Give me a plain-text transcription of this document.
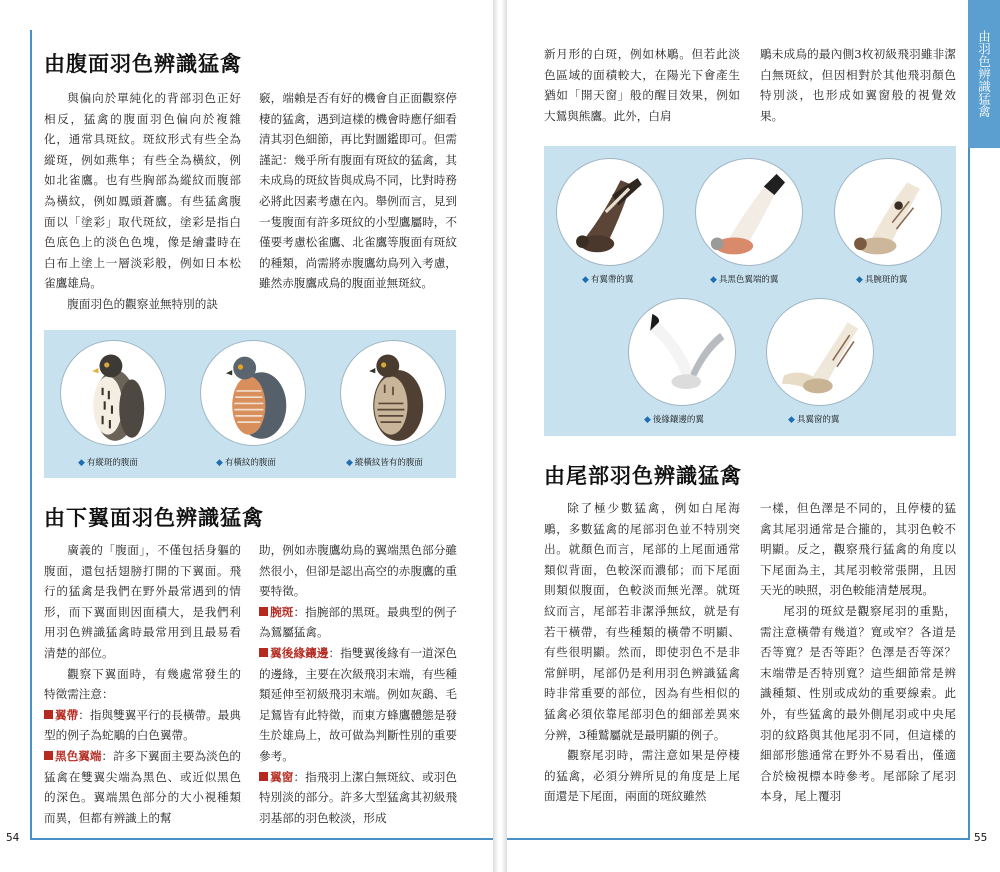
由腹面羽色辨識猛禽

與偏向於單純化的背部羽色正好相反，猛禽的腹面羽色偏向於複雜化，通常具斑紋。斑紋形式有些全為縱斑，例如燕隼；有些全為橫紋，例如北雀鷹。也有些胸部為縱紋而腹部為橫紋，例如鳳頭蒼鷹。有些猛禽腹面以「塗彩」取代斑紋，塗彩是指白色底色上的淡色色塊，像是繪畫時在白布上塗上一層淡彩般，例如日本松雀鷹雄鳥。

腹面羽色的觀察並無特別的訣

竅，端賴是否有好的機會自正面觀察停棲的猛禽，遇到這樣的機會時應仔細看清其羽色細節，再比對圖鑑即可。但需謹記：幾乎所有腹面有斑紋的猛禽，其未成鳥的斑紋皆與成鳥不同，比對時務必將此因素考慮在內。舉例而言，見到一隻腹面有許多斑紋的小型鷹屬時，不僅要考慮松雀鷹、北雀鷹等腹面有斑紋的種類，尚需將赤腹鷹幼鳥列入考慮，雖然赤腹鷹成鳥的腹面並無斑紋。

◆ 有縱斑的腹面	◆ 有橫紋的腹面	◆ 縱橫紋皆有的腹面
由下翼面羽色辨識猛禽

廣義的「腹面」，不僅包括身軀的腹面，還包括翅膀打開的下翼面。飛行的猛禽是我們在野外最常遇到的情形，而下翼面則因面積大，是我們利用羽色辨識猛禽時最常用到且最易看清楚的部位。

觀察下翼面時，有幾處常發生的特徵需注意：

翼帶：指與雙翼平行的長橫帶。最典型的例子為蛇鵰的白色翼帶。

黑色翼端：許多下翼面主要為淡色的猛禽在雙翼尖端為黑色、或近似黑色的深色。翼端黑色部分的大小視種類而異，但都有辨識上的幫

助，例如赤腹鷹幼鳥的翼端黑色部分雖然很小，但卻是認出高空的赤腹鷹的重要特徵。

腕斑：指腕部的黑斑。最典型的例子為鵟屬猛禽。

翼後緣鑲邊：指雙翼後緣有一道深色的邊緣，主要在次級飛羽末端，有些種類延伸至初級飛羽末端。例如灰鷂、毛足鵟皆有此特徵，而東方蜂鷹體態是發生於雄鳥上，故可做為判斷性別的重要參考。

翼窗：指飛羽上潔白無斑紋、或羽色特別淡的部分。許多大型猛禽其初級飛羽基部的羽色較淡，形成

54
由羽色辨識猛禽

新月形的白斑，例如林鵰。但若此淡色區域的面積較大，在陽光下會產生猶如「開天窗」般的醒目效果，例如大鵟與熊鷹。此外，白肩

鵰未成鳥的最內側3枚初級飛羽雖非潔白無斑紋，但因相對於其他飛羽顏色特別淡，也形成如翼窗般的視覺效果。

◆ 有翼帶的翼	◆ 具黑色翼端的翼	◆ 具腕斑的翼
◆ 後緣鑲邊的翼	◆ 具翼窗的翼
由尾部羽色辨識猛禽

除了極少數猛禽，例如白尾海鵰，多數猛禽的尾部羽色並不特別突出。就顏色而言，尾部的上尾面通常類似背面，色較深而濃郁；而下尾面則類似腹面，色較淡而無光澤。就斑紋而言，尾部若非潔淨無紋，就是有若干橫帶，有些種類的橫帶不明顯、有些很明顯。然而，即使羽色不是非常鮮明，尾部仍是利用羽色辨識猛禽時非常重要的部位，因為有些相似的猛禽必須依靠尾部羽色的細部差異來分辨，3種鷲屬就是最明顯的例子。

觀察尾羽時，需注意如果是停棲的猛禽，必須分辨所見的角度是上尾面還是下尾面，兩面的斑紋雖然

一樣，但色澤是不同的，且停棲的猛禽其尾羽通常是合攏的，其羽色較不明顯。反之，觀察飛行猛禽的角度以下尾面為主，其尾羽較常張開，且因天光的映照，羽色較能清楚展現。

尾羽的斑紋是觀察尾羽的重點，需注意橫帶有幾道？寬或窄？各道是否等寬？是否等距？色澤是否等深？末端帶是否特別寬？這些細節常是辨識種類、性別或成幼的重要線索。此外，有些猛禽的最外側尾羽或中央尾羽的紋路與其他尾羽不同，但這樣的細部形態通常在野外不易看出，僅適合於檢視標本時參考。尾部除了尾羽本身，尾上覆羽

55
